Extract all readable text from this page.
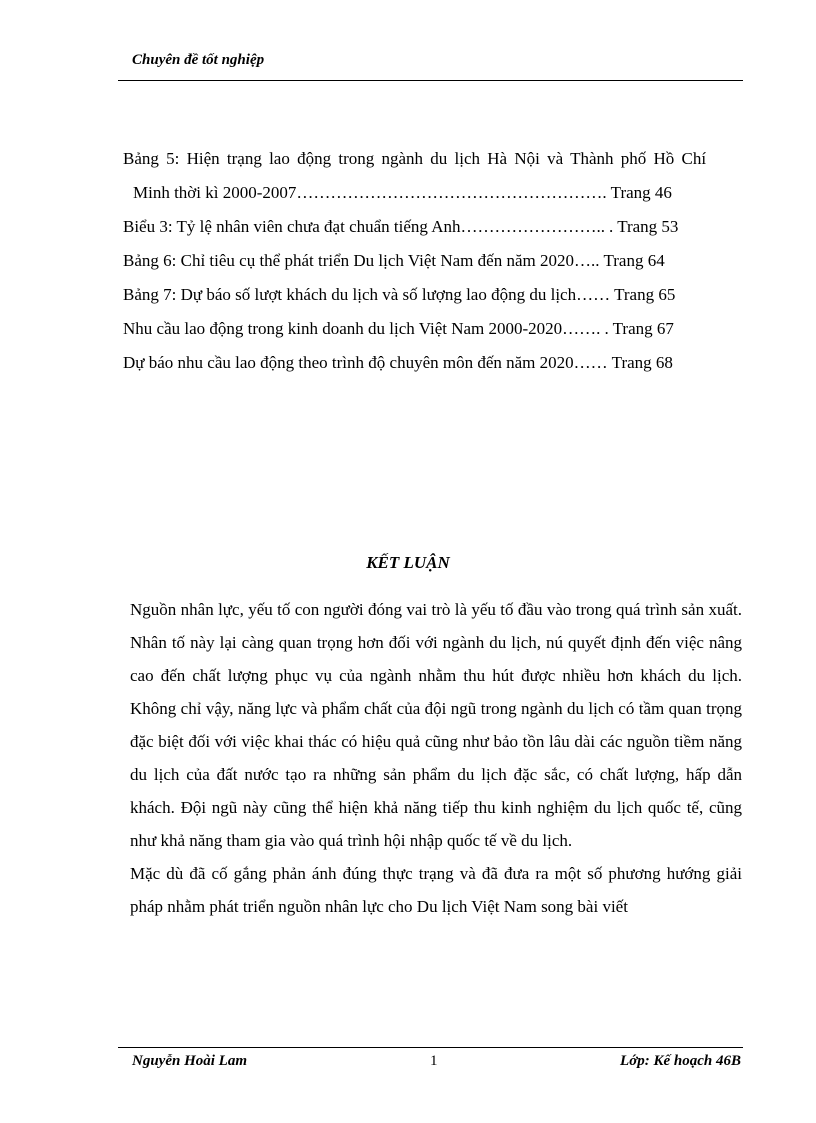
Chuyên đề tốt nghiệp
Bảng 5: Hiện trạng lao động trong ngành du lịch Hà Nội và Thành phố Hồ Chí
Minh thời kì 2000-2007………………………………………………. Trang 46
Biểu 3: Tỷ lệ nhân viên chưa đạt chuẩn tiếng Anh…………………….. . Trang 53
Bảng 6: Chỉ tiêu cụ thể phát triển Du lịch Việt Nam đến năm 2020….. Trang 64
Bảng 7: Dự báo số lượt khách du lịch và số lượng lao động du lịch…… Trang 65
Nhu cầu lao động trong kinh doanh du lịch Việt Nam 2000-2020……. . Trang 67
Dự báo nhu cầu lao động theo trình độ chuyên môn đến năm 2020…… Trang 68
KẾT LUẬN

Nguồn nhân lực, yếu tố con người đóng vai trò là yếu tố đầu vào trong quá trình sản xuất. Nhân tố này lại càng quan trọng hơn đối với ngành du lịch, nú quyết định đến việc nâng cao đến chất lượng phục vụ của ngành nhằm thu hút được nhiều hơn khách du lịch. Không chỉ vậy, năng lực và phẩm chất của đội ngũ trong ngành du lịch có tầm quan trọng đặc biệt đối với việc khai thác có hiệu quả cũng như bảo tồn lâu dài các nguồn tiềm năng du lịch của đất nước tạo ra những sản phẩm du lịch đặc sắc, có chất lượng, hấp dẫn khách. Đội ngũ này cũng thể hiện khả năng tiếp thu kinh nghiệm du lịch quốc tế, cũng như khả năng tham gia vào quá trình hội nhập quốc tế về du lịch.

Mặc dù đã cố gắng phản ánh đúng thực trạng và đã đưa ra một số phương hướng giải pháp nhằm phát triển nguồn nhân lực cho Du lịch Việt Nam song bài viết

Nguyễn Hoài Lam	1	Lớp: Kế hoạch 46B
